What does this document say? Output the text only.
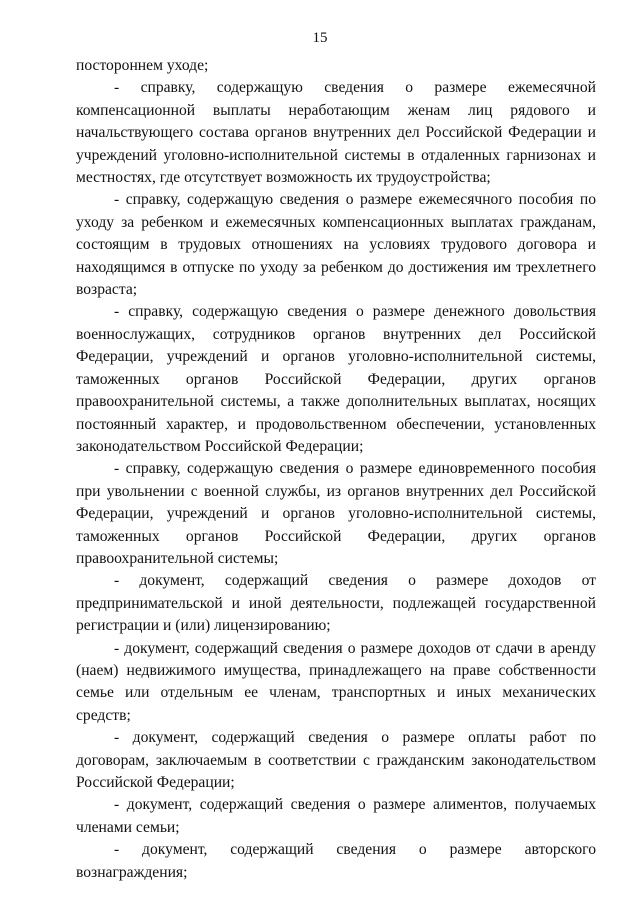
15

постороннем уходе;

- справку, содержащую сведения о размере ежемесячной компенсационной выплаты неработающим женам лиц рядового и начальствующего состава органов внутренних дел Российской Федерации и учреждений уголовно-исполнительной системы в отдаленных гарнизонах и местностях, где отсутствует возможность их трудоустройства;

- справку, содержащую сведения о размере ежемесячного пособия по уходу за ребенком и ежемесячных компенсационных выплатах гражданам, состоящим в трудовых отношениях на условиях трудового договора и находящимся в отпуске по уходу за ребенком до достижения им трехлетнего возраста;

- справку, содержащую сведения о размере денежного довольствия военнослужащих, сотрудников органов внутренних дел Российской Федерации, учреждений и органов уголовно-исполнительной системы, таможенных органов Российской Федерации, других органов правоохранительной системы, а также дополнительных выплатах, носящих постоянный характер, и продовольственном обеспечении, установленных законодательством Российской Федерации;

- справку, содержащую сведения о размере единовременного пособия при увольнении с военной службы, из органов внутренних дел Российской Федерации, учреждений и органов уголовно-исполнительной системы, таможенных органов Российской Федерации, других органов правоохранительной системы;

- документ, содержащий сведения о размере доходов от предпринимательской и иной деятельности, подлежащей государственной регистрации и (или) лицензированию;

- документ, содержащий сведения о размере доходов от сдачи в аренду (наем) недвижимого имущества, принадлежащего на праве собственности семье или отдельным ее членам, транспортных и иных механических средств;

- документ, содержащий сведения о размере оплаты работ по договорам, заключаемым в соответствии с гражданским законодательством Российской Федерации;

- документ, содержащий сведения о размере алиментов, получаемых членами семьи;

- документ, содержащий сведения о размере авторского вознаграждения;
